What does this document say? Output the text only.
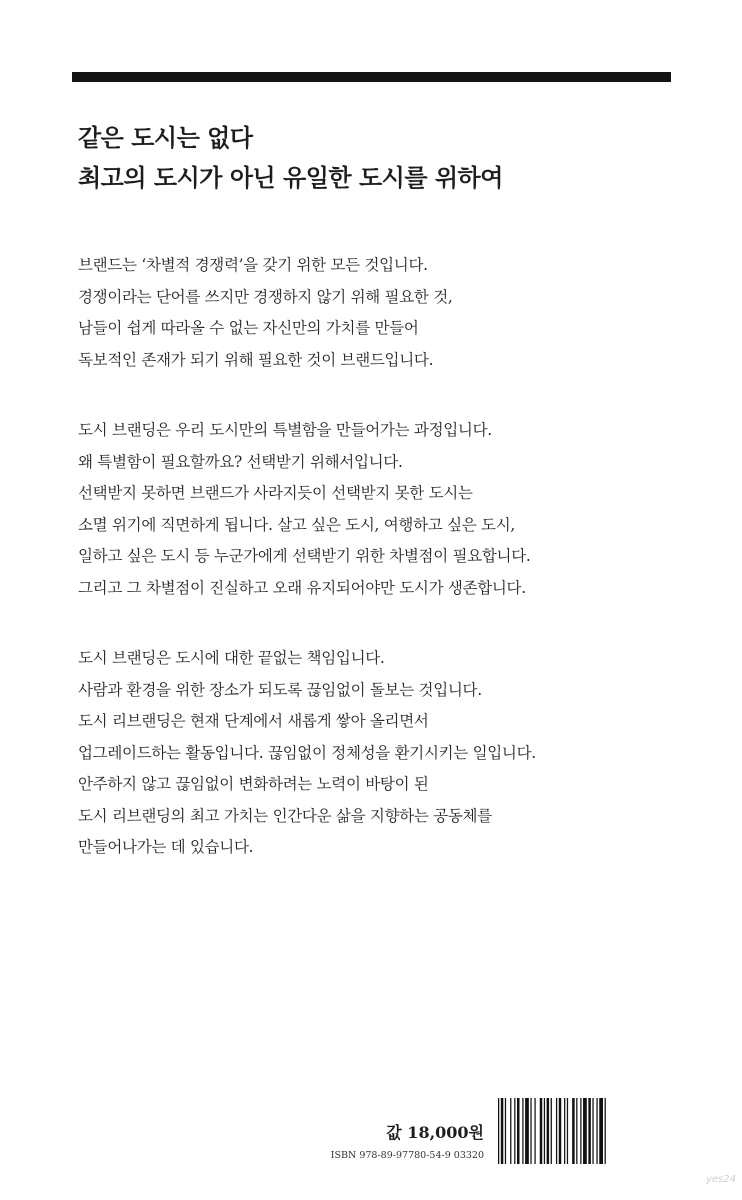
같은 도시는 없다
최고의 도시가 아닌 유일한 도시를 위하여
브랜드는 ‘차별적 경쟁력’을 갖기 위한 모든 것입니다.
경쟁이라는 단어를 쓰지만 경쟁하지 않기 위해 필요한 것,
남들이 쉽게 따라올 수 없는 자신만의 가치를 만들어
독보적인 존재가 되기 위해 필요한 것이 브랜드입니다.
도시 브랜딩은 우리 도시만의 특별함을 만들어가는 과정입니다.
왜 특별함이 필요할까요? 선택받기 위해서입니다.
선택받지 못하면 브랜드가 사라지듯이 선택받지 못한 도시는
소멸 위기에 직면하게 됩니다. 살고 싶은 도시, 여행하고 싶은 도시,
일하고 싶은 도시 등 누군가에게 선택받기 위한 차별점이 필요합니다.
그리고 그 차별점이 진실하고 오래 유지되어야만 도시가 생존합니다.
도시 브랜딩은 도시에 대한 끝없는 책임입니다.
사람과 환경을 위한 장소가 되도록 끊임없이 돌보는 것입니다.
도시 리브랜딩은 현재 단계에서 새롭게 쌓아 올리면서
업그레이드하는 활동입니다. 끊임없이 정체성을 환기시키는 일입니다.
안주하지 않고 끊임없이 변화하려는 노력이 바탕이 된
도시 리브랜딩의 최고 가치는 인간다운 삶을 지향하는 공동체를
만들어나가는 데 있습니다.
값 18,000원
ISBN 978-89-97780-54-9 03320
yes24
